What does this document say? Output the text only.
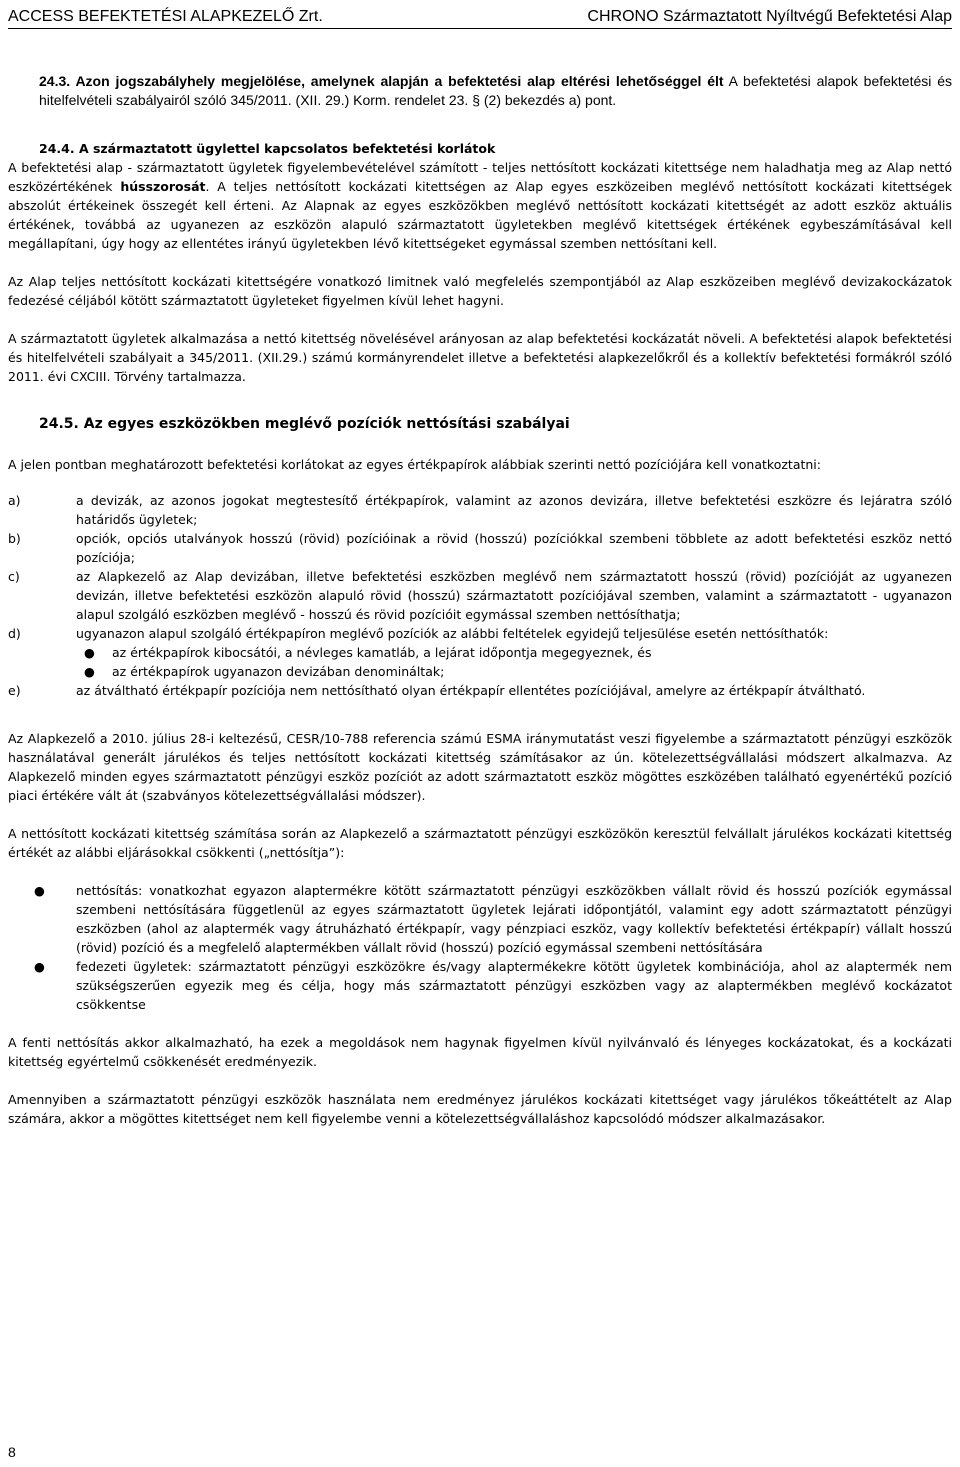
ACCESS BEFEKTETÉSI ALAPKEZELŐ Zrt.	CHRONO Származtatott Nyíltvégű Befektetési Alap

24.3. Azon jogszabályhely megjelölése, amelynek alapján a befektetési alap eltérési lehetőséggel élt A befektetési alapok befektetési és hitelfelvételi szabályairól szóló 345/2011. (XII. 29.) Korm. rendelet 23. § (2) bekezdés a) pont.

24.4. A származtatott ügylettel kapcsolatos befektetési korlátok

A befektetési alap - származtatott ügyletek figyelembevételével számított - teljes nettósított kockázati kitettsége nem haladhatja meg az Alap nettó eszközértékének hússzorosát. A teljes nettósított kockázati kitettségen az Alap egyes eszközeiben meglévő nettósított kockázati kitettségek abszolút értékeinek összegét kell érteni. Az Alapnak az egyes eszközökben meglévő nettósított kockázati kitettségét az adott eszköz aktuális értékének, továbbá az ugyanezen az eszközön alapuló származtatott ügyletekben meglévő kitettségek értékének egybeszámításával kell megállapítani, úgy hogy az ellentétes irányú ügyletekben lévő kitettségeket egymással szemben nettósítani kell.

Az Alap teljes nettósított kockázati kitettségére vonatkozó limitnek való megfelelés szempontjából az Alap eszközeiben meglévő devizakockázatok fedezésé céljából kötött származtatott ügyleteket figyelmen kívül lehet hagyni.

A származtatott ügyletek alkalmazása a nettó kitettség növelésével arányosan az alap befektetési kockázatát növeli. A befektetési alapok befektetési és hitelfelvételi szabályait a 345/2011. (XII.29.) számú kormányrendelet illetve a befektetési alapkezelőkről és a kollektív befektetési formákról szóló 2011. évi CXCIII. Törvény tartalmazza.

24.5. Az egyes eszközökben meglévő pozíciók nettósítási szabályai

A jelen pontban meghatározott befektetési korlátokat az egyes értékpapírok alábbiak szerinti nettó pozíciójára kell vonatkoztatni:

a)	a devizák, az azonos jogokat megtestesítő értékpapírok, valamint az azonos devizára, illetve befektetési eszközre és lejáratra szóló határidős ügyletek;
b)	opciók, opciós utalványok hosszú (rövid) pozícióinak a rövid (hosszú) pozíciókkal szembeni többlete az adott befektetési eszköz nettó pozíciója;
c)	az Alapkezelő az Alap devizában, illetve befektetési eszközben meglévő nem származtatott hosszú (rövid) pozícióját az ugyanezen devizán, illetve befektetési eszközön alapuló rövid (hosszú) származtatott pozíciójával szemben, valamint a származtatott - ugyanazon alapul szolgáló eszközben meglévő - hosszú és rövid pozícióit egymással szemben nettósíthatja;
d)	ugyanazon alapul szolgáló értékpapíron meglévő pozíciók az alábbi feltételek egyidejű teljesülése esetén nettósíthatók:
●	az értékpapírok kibocsátói, a névleges kamatláb, a lejárat időpontja megegyeznek, és
●	az értékpapírok ugyanazon devizában denomináltak;
e)	az átváltható értékpapír pozíciója nem nettósítható olyan értékpapír ellentétes pozíciójával, amelyre az értékpapír átváltható.

Az Alapkezelő a 2010. július 28-i keltezésű, CESR/10-788 referencia számú ESMA iránymutatást veszi figyelembe a származtatott pénzügyi eszközök használatával generált járulékos és teljes nettósított kockázati kitettség számításakor az ún. kötelezettségvállalási módszert alkalmazva. Az Alapkezelő minden egyes származtatott pénzügyi eszköz pozíciót az adott származtatott eszköz mögöttes eszközében található egyenértékű pozíció piaci értékére vált át (szabványos kötelezettségvállalási módszer).

A nettósított kockázati kitettség számítása során az Alapkezelő a származtatott pénzügyi eszközökön keresztül felvállalt járulékos kockázati kitettség értékét az alábbi eljárásokkal csökkenti („nettósítja”):

●	nettósítás: vonatkozhat egyazon alaptermékre kötött származtatott pénzügyi eszközökben vállalt rövid és hosszú pozíciók egymással szembeni nettósítására függetlenül az egyes származtatott ügyletek lejárati időpontjától, valamint egy adott származtatott pénzügyi eszközben (ahol az alaptermék vagy átruházható értékpapír, vagy pénzpiaci eszköz, vagy kollektív befektetési értékpapír) vállalt hosszú (rövid) pozíció és a megfelelő alaptermékben vállalt rövid (hosszú) pozíció egymással szembeni nettósítására
●	fedezeti ügyletek: származtatott pénzügyi eszközökre és/vagy alaptermékekre kötött ügyletek kombinációja, ahol az alaptermék nem szükségszerűen egyezik meg és célja, hogy más származtatott pénzügyi eszközben vagy az alaptermékben meglévő kockázatot csökkentse

A fenti nettósítás akkor alkalmazható, ha ezek a megoldások nem hagynak figyelmen kívül nyilvánvaló és lényeges kockázatokat, és a kockázati kitettség egyértelmű csökkenését eredményezik.

Amennyiben a származtatott pénzügyi eszközök használata nem eredményez járulékos kockázati kitettséget vagy járulékos tőkeáttételt az Alap számára, akkor a mögöttes kitettséget nem kell figyelembe venni a kötelezettségvállaláshoz kapcsolódó módszer alkalmazásakor.

8
